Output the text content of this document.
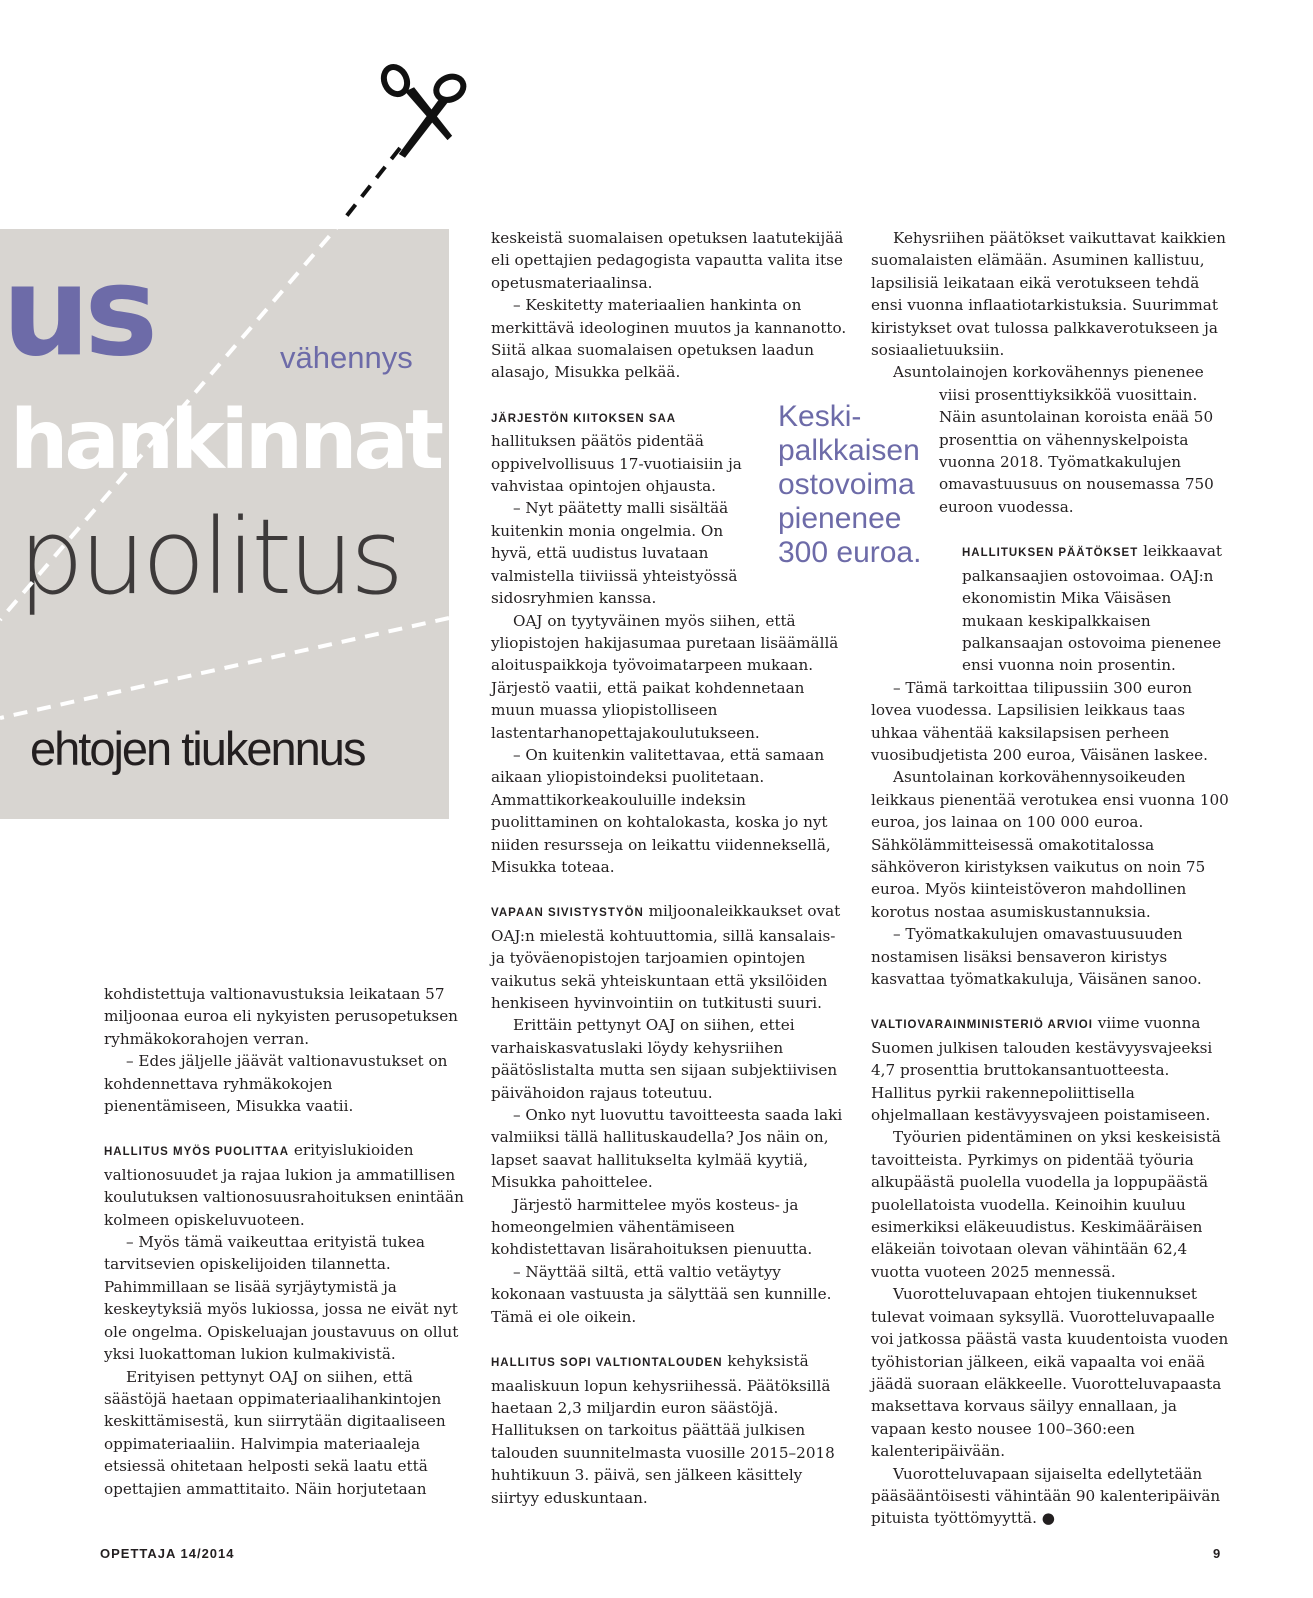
us	vähennys
hankinnat
puolitus
ehtojen tiukennus
Keski-
palkkaisen
ostovoima
pienenee
300 euroa.

kohdistettuja valtionavustuksia leikataan 57 miljoonaa euroa eli nykyisten perusopetuksen ryhmäkokorahojen verran.

– Edes jäljelle jäävät valtionavustukset on kohdennettava ryhmäkokojen pienentämiseen, Misukka vaatii.

HALLITUS MYÖS PUOLITTAA erityislukioiden valtionosuudet ja rajaa lukion ja ammatillisen koulutuksen valtionosuusrahoituksen enintään kolmeen opiskeluvuoteen.

– Myös tämä vaikeuttaa erityistä tukea tarvitsevien opiskelijoiden tilannetta. Pahimmillaan se lisää syrjäytymistä ja keskeytyksiä myös lukiossa, jossa ne eivät nyt ole ongelma. Opiskeluajan joustavuus on ollut yksi luokattoman lukion kulmakivistä.

Erityisen pettynyt OAJ on siihen, että säästöjä haetaan oppimateriaalihankintojen keskittämisestä, kun siirrytään digitaaliseen oppimateriaaliin. Halvimpia materiaaleja etsiessä ohitetaan helposti sekä laatu että opettajien ammattitaito. Näin horjutetaan

keskeistä suomalaisen opetuksen laatutekijää eli opettajien pedagogista vapautta valita itse opetusmateriaalinsa.

– Keskitetty materiaalien hankinta on merkittävä ideologinen muutos ja kannanotto. Siitä alkaa suomalaisen opetuksen laadun alasajo, Misukka pelkää.

JÄRJESTÖN KIITOKSEN SAA
hallituksen päätös pidentää oppivelvollisuus 17-vuotiaisiin ja vahvistaa opintojen ohjausta.

– Nyt päätetty malli sisältää kuitenkin monia ongelmia. On hyvä, että uudistus luvataan valmistella tiiviissä yhteistyössä sidosryhmien kanssa.

OAJ on tyytyväinen myös siihen, että yliopistojen hakijasumaa puretaan lisäämällä aloituspaikkoja työvoimatarpeen mukaan. Järjestö vaatii, että paikat kohdennetaan muun muassa yliopistolliseen lastentarhanopettajakoulutukseen.

– On kuitenkin valitettavaa, että samaan aikaan yliopistoindeksi puolitetaan. Ammattikorkeakouluille indeksin puolittaminen on kohtalokasta, koska jo nyt niiden resursseja on leikattu viidenneksellä, Misukka toteaa.

VAPAAN SIVISTYSTYÖN miljoonaleikkaukset ovat OAJ:n mielestä kohtuuttomia, sillä kansalais- ja työväenopistojen tarjoamien opintojen vaikutus sekä yhteiskuntaan että yksilöiden henkiseen hyvinvointiin on tutkitusti suuri.

Erittäin pettynyt OAJ on siihen, ettei varhaiskasvatuslaki löydy kehysriihen päätöslistalta mutta sen sijaan subjektiivisen päivähoidon rajaus toteutuu.

– Onko nyt luovuttu tavoitteesta saada laki valmiiksi tällä hallituskaudella? Jos näin on, lapset saavat hallitukselta kylmää kyytiä, Misukka pahoittelee.

Järjestö harmittelee myös kosteus- ja homeongelmien vähentämiseen kohdistettavan lisärahoituksen pienuutta.

– Näyttää siltä, että valtio vetäytyy kokonaan vastuusta ja sälyttää sen kunnille. Tämä ei ole oikein.

HALLITUS SOPI VALTIONTALOUDEN kehyksistä maaliskuun lopun kehysriihessä. Päätöksillä haetaan 2,3 miljardin euron säästöjä. Hallituksen on tarkoitus päättää julkisen talouden suunnitelmasta vuosille 2015–2018 huhtikuun 3. päivä, sen jälkeen käsittely siirtyy eduskuntaan.

Kehysriihen päätökset vaikuttavat kaikkien suomalaisten elämään. Asuminen kallistuu, lapsilisiä leikataan eikä verotukseen tehdä ensi vuonna inflaatiotarkistuksia. Suurimmat kiristykset ovat tulossa palkkaverotukseen ja sosiaalietuuksiin.

Asuntolainojen korkovähennys pienenee viisi prosenttiyksikköä vuosittain. Näin asuntolainan koroista enää 50 prosenttia on vähennyskelpoista vuonna 2018. Työmatkakulujen omavastuusuus on nousemassa 750 euroon vuodessa.

HALLITUKSEN PÄÄTÖKSET leikkaavat palkansaajien ostovoimaa. OAJ:n ekonomistin Mika Väisäsen mukaan keskipalkkaisen palkansaajan ostovoima pienenee ensi vuonna noin prosentin.

– Tämä tarkoittaa tilipussiin 300 euron lovea vuodessa. Lapsilisien leikkaus taas uhkaa vähentää kaksilapsisen perheen vuosibudjetista 200 euroa, Väisänen laskee.

Asuntolainan korkovähennysoikeuden leikkaus pienentää verotukea ensi vuonna 100 euroa, jos lainaa on 100 000 euroa. Sähkölämmitteisessä omakotitalossa sähköveron kiristyksen vaikutus on noin 75 euroa. Myös kiinteistöveron mahdollinen korotus nostaa asumiskustannuksia.

– Työmatkakulujen omavastuusuuden nostamisen lisäksi bensaveron kiristys kasvattaa työmatkakuluja, Väisänen sanoo.

VALTIOVARAINMINISTERIÖ ARVIOI viime vuonna Suomen julkisen talouden kestävyysvajeeksi 4,7 prosenttia bruttokansantuotteesta. Hallitus pyrkii rakennepoliittisella ohjelmallaan kestävyysvajeen poistamiseen.

Työurien pidentäminen on yksi keskeisistä tavoitteista. Pyrkimys on pidentää työuria alkupäästä puolella vuodella ja loppupäästä puolellatoista vuodella. Keinoihin kuuluu esimerkiksi eläkeuudistus. Keskimääräisen eläkeiän toivotaan olevan vähintään 62,4 vuotta vuoteen 2025 mennessä.

Vuorotteluvapaan ehtojen tiukennukset tulevat voimaan syksyllä. Vuorotteluvapaalle voi jatkossa päästä vasta kuudentoista vuoden työhistorian jälkeen, eikä vapaalta voi enää jäädä suoraan eläkkeelle. Vuorotteluvapaasta maksettava korvaus säilyy ennallaan, ja vapaan kesto nousee 100–360:een kalenteripäivään.

Vuorotteluvapaan sijaiselta edellytetään pääsääntöisesti vähintään 90 kalenteripäivän pituista työttömyyttä. ●

OPETTAJA 14/2014	9
